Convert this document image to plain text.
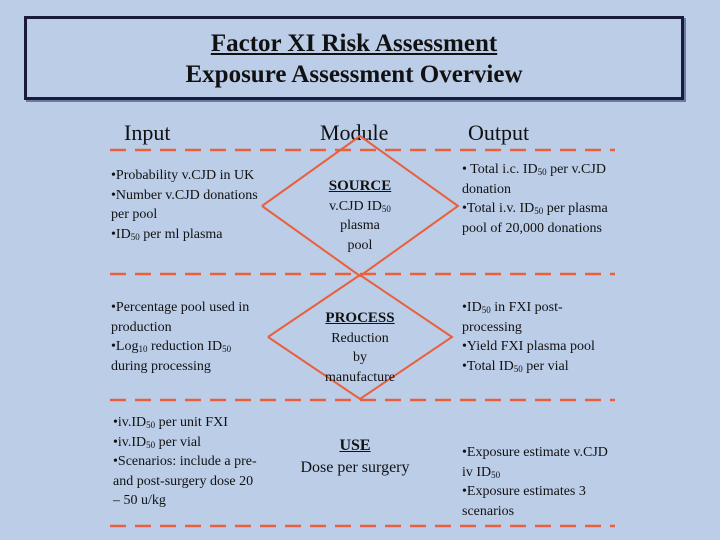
Factor XI Risk Assessment
Exposure Assessment Overview
Input	Module	Output
•Probability v.CJD in UK
•Number v.CJD donations per pool
$•ID_{50}$ per ml plasma
SOURCE
v.CJD $ID_{50}$
plasma
pool
• Total i.c. $ID_{50}$ per v.CJD donation
•Total i.v. $ID_{50}$ per plasma pool of 20,000 donations
•Percentage pool used in production
•Log$_{10}$ reduction $ID_{50}$ during processing
PROCESS
Reduction
by
manufacture
$•ID_{50}$ in FXI post-processing
•Yield FXI plasma pool
•Total $ID_{50}$ per vial
$•iv.ID_{50}$ per unit FXI
$•iv.ID_{50}$ per vial
•Scenarios: include a pre- and post-surgery dose 20 – 50 u/kg
USE
Dose per surgery
•Exposure estimate v.CJD iv $ID_{50}$
•Exposure estimates 3 scenarios
